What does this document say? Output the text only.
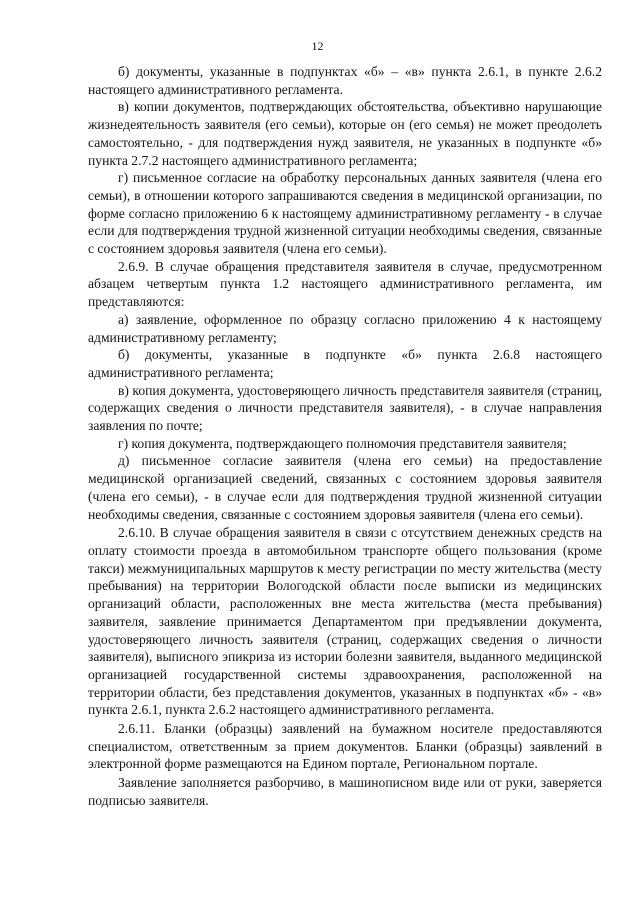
12

б) документы, указанные в подпунктах «б» – «в» пункта 2.6.1, в пункте 2.6.2 настоящего административного регламента.

в) копии документов, подтверждающих обстоятельства, объективно нарушающие жизнедеятельность заявителя (его семьи), которые он (его семья) не может преодолеть самостоятельно, - для подтверждения нужд заявителя, не указанных в подпункте «б» пункта 2.7.2 настоящего административного регламента;

г) письменное согласие на обработку персональных данных заявителя (члена его семьи), в отношении которого запрашиваются сведения в медицинской организации, по форме согласно приложению 6 к настоящему административному регламенту - в случае если для подтверждения трудной жизненной ситуации необходимы сведения, связанные с состоянием здоровья заявителя (члена его семьи).

2.6.9. В случае обращения представителя заявителя в случае, предусмотренном абзацем четвертым пункта 1.2 настоящего административного регламента, им представляются:

а) заявление, оформленное по образцу согласно приложению 4 к настоящему административному регламенту;

б) документы, указанные в подпункте «б» пункта 2.6.8 настоящего административного регламента;

в) копия документа, удостоверяющего личность представителя заявителя (страниц, содержащих сведения о личности представителя заявителя), - в случае направления заявления по почте;

г) копия документа, подтверждающего полномочия представителя заявителя;

д) письменное согласие заявителя (члена его семьи) на предоставление медицинской организацией сведений, связанных с состоянием здоровья заявителя (члена его семьи), - в случае если для подтверждения трудной жизненной ситуации необходимы сведения, связанные с состоянием здоровья заявителя (члена его семьи).

2.6.10. В случае обращения заявителя в связи с отсутствием денежных средств на оплату стоимости проезда в автомобильном транспорте общего пользования (кроме такси) межмуниципальных маршрутов к месту регистрации по месту жительства (месту пребывания) на территории Вологодской области после выписки из медицинских организаций области, расположенных вне места жительства (места пребывания) заявителя, заявление принимается Департаментом при предъявлении документа, удостоверяющего личность заявителя (страниц, содержащих сведения о личности заявителя), выписного эпикриза из истории болезни заявителя, выданного медицинской организацией государственной системы здравоохранения, расположенной на территории области, без представления документов, указанных в подпунктах «б» - «в» пункта 2.6.1, пункта 2.6.2 настоящего административного регламента.

2.6.11. Бланки (образцы) заявлений на бумажном носителе предоставляются специалистом, ответственным за прием документов. Бланки (образцы) заявлений в электронной форме размещаются на Едином портале, Региональном портале.

Заявление заполняется разборчиво, в машинописном виде или от руки, заверяется подписью заявителя.
